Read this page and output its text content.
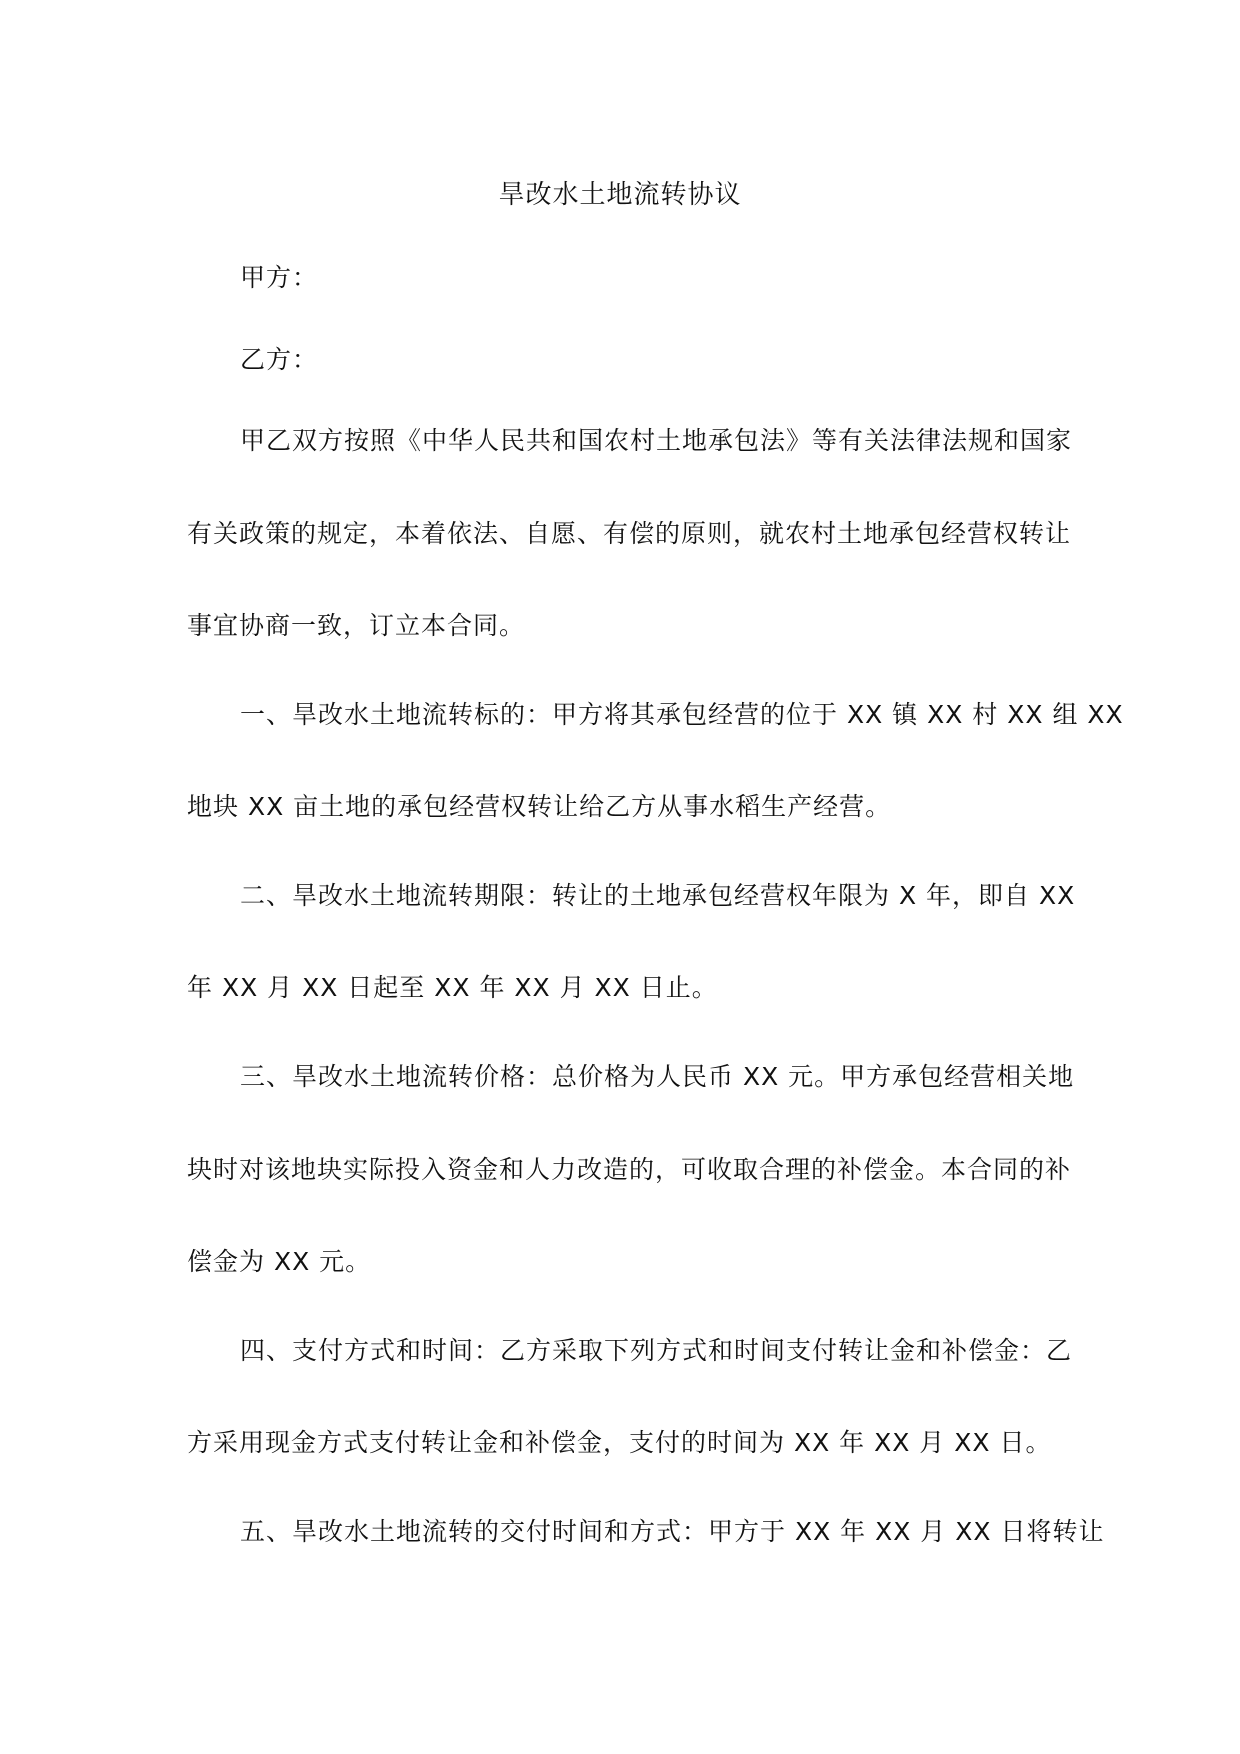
旱改水土地流转协议
甲方：
乙方：
甲乙双方按照《中华人民共和国农村土地承包法》等有关法律法规和国家
有关政策的规定，本着依法、自愿、有偿的原则，就农村土地承包经营权转让
事宜协商一致，订立本合同。
一、旱改水土地流转标的：甲方将其承包经营的位于 XX 镇 XX 村 XX 组 XX
地块 XX 亩土地的承包经营权转让给乙方从事水稻生产经营。
二、旱改水土地流转期限：转让的土地承包经营权年限为 X 年，即自 XX
年 XX 月 XX 日起至 XX 年 XX 月 XX 日止。
三、旱改水土地流转价格：总价格为人民币 XX 元。甲方承包经营相关地
块时对该地块实际投入资金和人力改造的，可收取合理的补偿金。本合同的补
偿金为 XX 元。
四、支付方式和时间：乙方采取下列方式和时间支付转让金和补偿金：乙
方采用现金方式支付转让金和补偿金，支付的时间为 XX 年 XX 月 XX 日。
五、旱改水土地流转的交付时间和方式：甲方于 XX 年 XX 月 XX 日将转让
